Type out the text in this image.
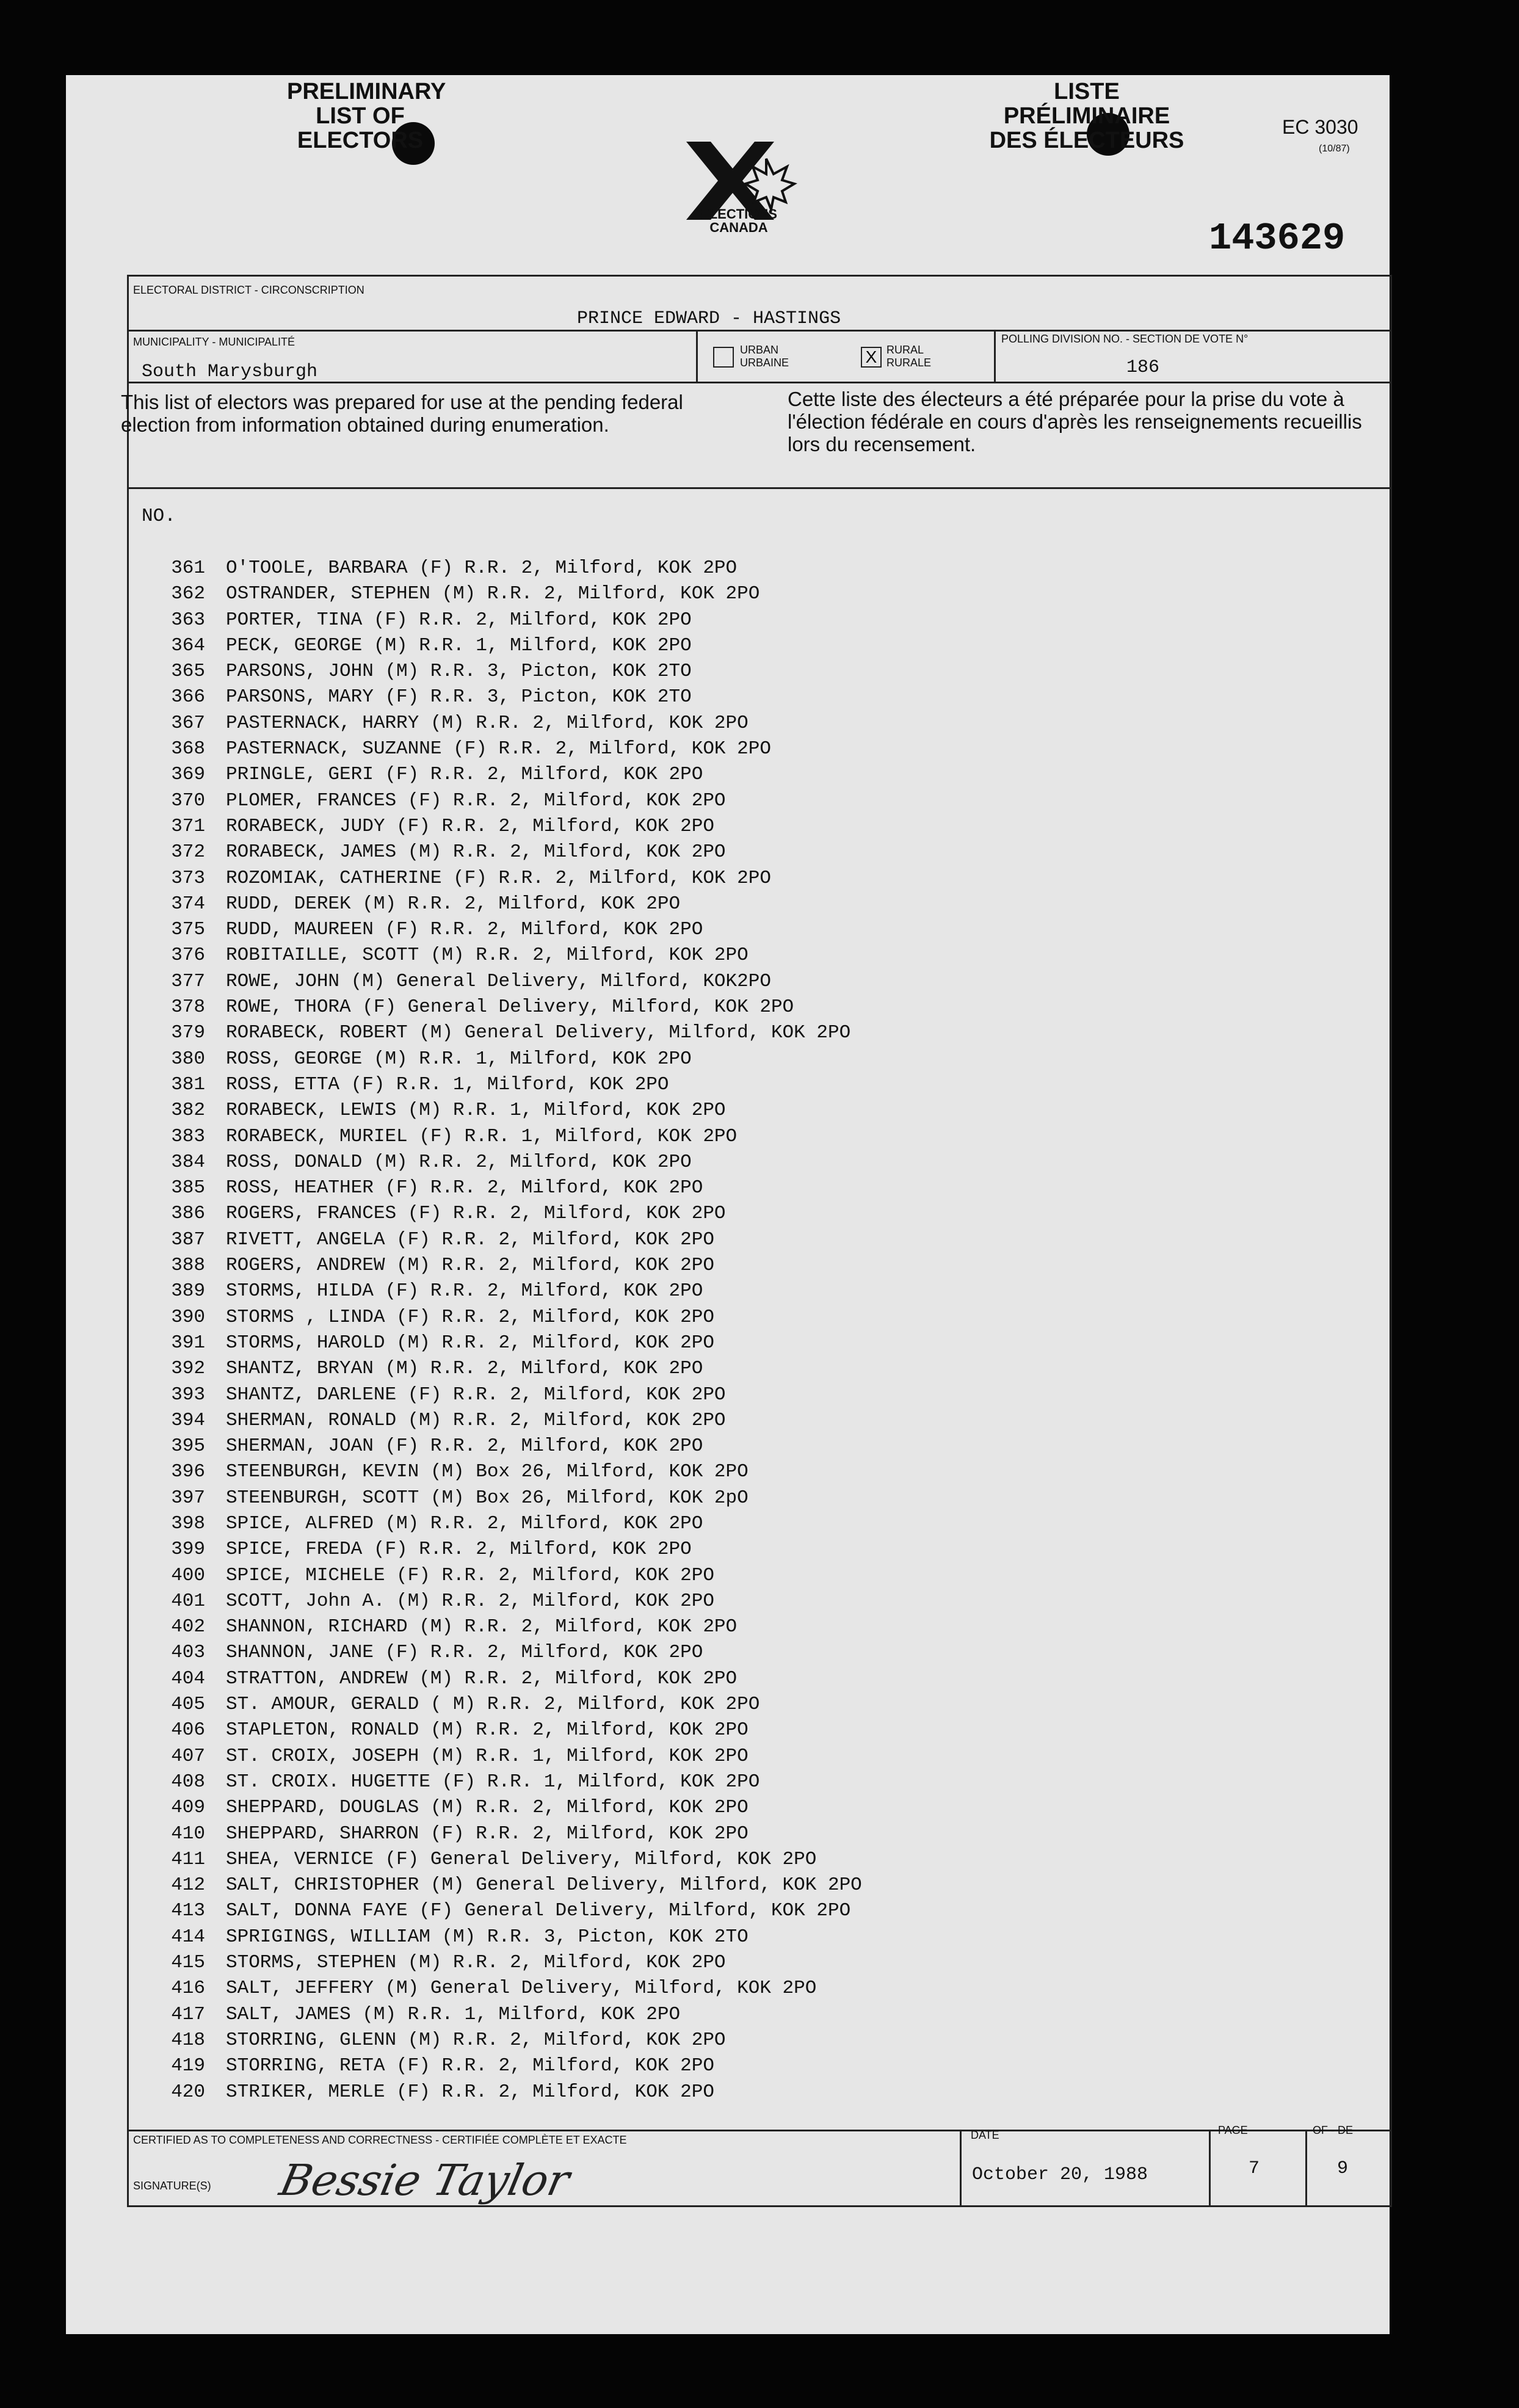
PRELIMINARY
LIST OF
ELECTORS
ELECTIONS
CANADA
LISTE
PRÉLIMINAIRE
DES ÉLECTEURS
EC 3030
(10/87)
143629
ELECTORAL DISTRICT - CIRCONSCRIPTION
PRINCE EDWARD - HASTINGS
MUNICIPALITY - MUNICIPALITÉ
South Marysburgh
URBAN
URBAINE	X RURAL
RURALE
POLLING DIVISION NO. - SECTION DE VOTE N°
186
This list of electors was prepared for use at the pending federal election from information obtained during enumeration.
Cette liste des électeurs a été préparée pour la prise du vote à l'élection fédérale en cours d'après les renseignements recueillis lors du recensement.
NO.
361	O'TOOLE, BARBARA (F) R.R. 2, Milford, KOK 2PO
362	OSTRANDER, STEPHEN (M) R.R. 2, Milford, KOK 2PO
363	PORTER, TINA (F) R.R. 2, Milford, KOK 2PO
364	PECK, GEORGE (M) R.R. 1, Milford, KOK 2PO
365	PARSONS, JOHN (M) R.R. 3, Picton, KOK 2TO
366	PARSONS, MARY (F) R.R. 3, Picton, KOK 2TO
367	PASTERNACK, HARRY (M) R.R. 2, Milford, KOK 2PO
368	PASTERNACK, SUZANNE (F) R.R. 2, Milford, KOK 2PO
369	PRINGLE, GERI (F) R.R. 2, Milford, KOK 2PO
370	PLOMER, FRANCES (F) R.R. 2, Milford, KOK 2PO
371	RORABECK, JUDY (F) R.R. 2, Milford, KOK 2PO
372	RORABECK, JAMES (M) R.R. 2, Milford, KOK 2PO
373	ROZOMIAK, CATHERINE (F) R.R. 2, Milford, KOK 2PO
374	RUDD, DEREK (M) R.R. 2, Milford, KOK 2PO
375	RUDD, MAUREEN (F) R.R. 2, Milford, KOK 2PO
376	ROBITAILLE, SCOTT (M) R.R. 2, Milford, KOK 2PO
377	ROWE, JOHN (M) General Delivery, Milford, KOK2PO
378	ROWE, THORA (F) General Delivery, Milford, KOK 2PO
379	RORABECK, ROBERT (M) General Delivery, Milford, KOK 2PO
380	ROSS, GEORGE (M) R.R. 1, Milford, KOK 2PO
381	ROSS, ETTA (F) R.R. 1, Milford, KOK 2PO
382	RORABECK, LEWIS (M) R.R. 1, Milford, KOK 2PO
383	RORABECK, MURIEL (F) R.R. 1, Milford, KOK 2PO
384	ROSS, DONALD (M) R.R. 2, Milford, KOK 2PO
385	ROSS, HEATHER (F) R.R. 2, Milford, KOK 2PO
386	ROGERS, FRANCES (F) R.R. 2, Milford, KOK 2PO
387	RIVETT, ANGELA (F) R.R. 2, Milford, KOK 2PO
388	ROGERS, ANDREW (M) R.R. 2, Milford, KOK 2PO
389	STORMS, HILDA (F) R.R. 2, Milford, KOK 2PO
390	STORMS , LINDA (F) R.R. 2, Milford, KOK 2PO
391	STORMS, HAROLD (M) R.R. 2, Milford, KOK 2PO
392	SHANTZ, BRYAN (M) R.R. 2, Milford, KOK 2PO
393	SHANTZ, DARLENE (F) R.R. 2, Milford, KOK 2PO
394	SHERMAN, RONALD (M) R.R. 2, Milford, KOK 2PO
395	SHERMAN, JOAN (F) R.R. 2, Milford, KOK 2PO
396	STEENBURGH, KEVIN (M) Box 26, Milford, KOK 2PO
397	STEENBURGH, SCOTT (M) Box 26, Milford, KOK 2pO
398	SPICE, ALFRED (M) R.R. 2, Milford, KOK 2PO
399	SPICE, FREDA (F) R.R. 2, Milford, KOK 2PO
400	SPICE, MICHELE (F) R.R. 2, Milford, KOK 2PO
401	SCOTT, John A. (M) R.R. 2, Milford, KOK 2PO
402	SHANNON, RICHARD (M) R.R. 2, Milford, KOK 2PO
403	SHANNON, JANE (F) R.R. 2, Milford, KOK 2PO
404	STRATTON, ANDREW (M) R.R. 2, Milford, KOK 2PO
405	ST. AMOUR, GERALD ( M) R.R. 2, Milford, KOK 2PO
406	STAPLETON, RONALD (M) R.R. 2, Milford, KOK 2PO
407	ST. CROIX, JOSEPH (M) R.R. 1, Milford, KOK 2PO
408	ST. CROIX. HUGETTE (F) R.R. 1, Milford, KOK 2PO
409	SHEPPARD, DOUGLAS (M) R.R. 2, Milford, KOK 2PO
410	SHEPPARD, SHARRON (F) R.R. 2, Milford, KOK 2PO
411	SHEA, VERNICE (F) General Delivery, Milford, KOK 2PO
412	SALT, CHRISTOPHER (M) General Delivery, Milford, KOK 2PO
413	SALT, DONNA FAYE (F) General Delivery, Milford, KOK 2PO
414	SPRIGINGS, WILLIAM (M) R.R. 3, Picton, KOK 2TO
415	STORMS, STEPHEN (M) R.R. 2, Milford, KOK 2PO
416	SALT, JEFFERY (M) General Delivery, Milford, KOK 2PO
417	SALT, JAMES (M) R.R. 1, Milford, KOK 2PO
418	STORRING, GLENN (M) R.R. 2, Milford, KOK 2PO
419	STORRING, RETA (F) R.R. 2, Milford, KOK 2PO
420	STRIKER, MERLE (F) R.R. 2, Milford, KOK 2PO
CERTIFIED AS TO COMPLETENESS AND CORRECTNESS - CERTIFIÉE COMPLÈTE ET EXACTE
SIGNATURE(S) Bessie Taylor
DATE
October 20, 1988
PAGE
7
OF - DE
9
